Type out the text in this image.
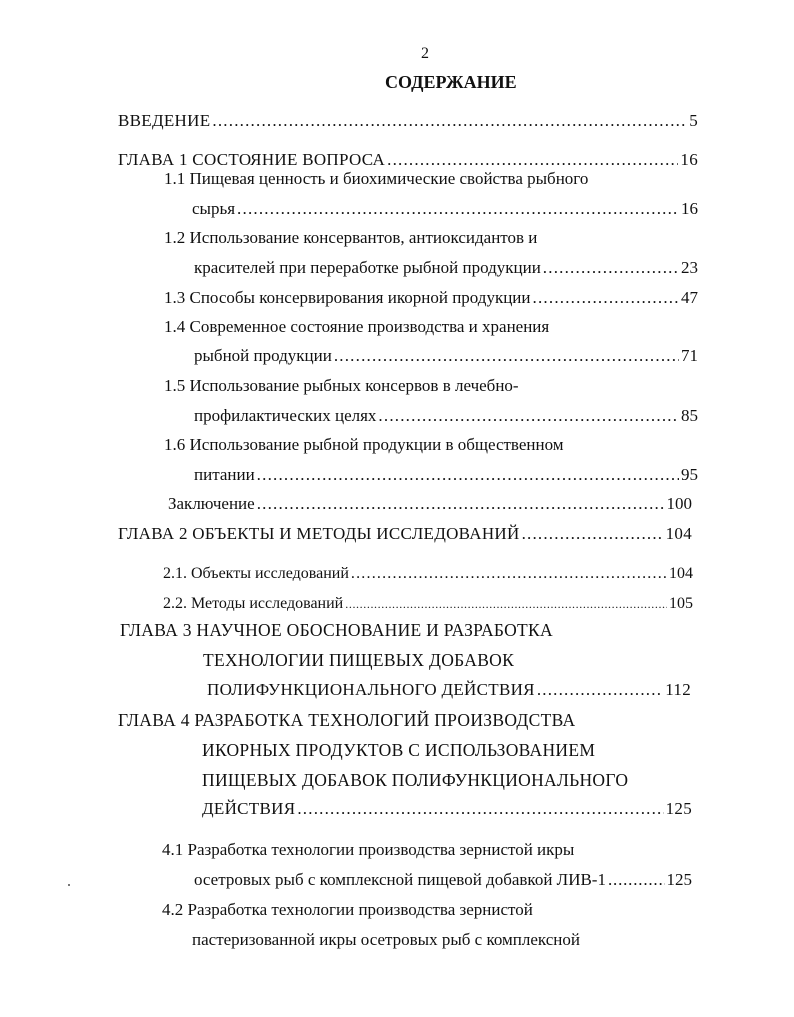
2
СОДЕРЖАНИЕ
ВВЕДЕНИЕ .....	5
ГЛАВА 1 СОСТОЯНИЕ ВОПРОСА .....	16
1.1 Пищевая ценность и биохимические свойства рыбного
сырья .....	16
1.2 Использование консервантов, антиоксидантов и
красителей при переработке рыбной продукции .....	23
1.3 Способы консервирования икорной продукции .....	47
1.4 Современное состояние производства и хранения
рыбной продукции .....	71
1.5 Использование рыбных консервов в лечебно-
профилактических целях .....	85
1.6 Использование рыбной продукции в общественном
питании .....	95
Заключение .....	100
ГЛАВА 2 ОБЪЕКТЫ И МЕТОДЫ ИССЛЕДОВАНИЙ .....	104
2.1. Объекты исследований .....	104
2.2. Методы исследований .....	105
ГЛАВА 3 НАУЧНОЕ ОБОСНОВАНИЕ И РАЗРАБОТКА
ТЕХНОЛОГИИ ПИЩЕВЫХ ДОБАВОК
ПОЛИФУНКЦИОНАЛЬНОГО ДЕЙСТВИЯ .....	112
ГЛАВА 4 РАЗРАБОТКА ТЕХНОЛОГИЙ ПРОИЗВОДСТВА
ИКОРНЫХ ПРОДУКТОВ С ИСПОЛЬЗОВАНИЕМ
ПИЩЕВЫХ ДОБАВОК ПОЛИФУНКЦИОНАЛЬНОГО
ДЕЙСТВИЯ .....	125
4.1 Разработка технологии производства зернистой икры
осетровых рыб с комплексной пищевой добавкой ЛИВ-1 .....	125
4.2 Разработка технологии производства зернистой
пастеризованной икры осетровых рыб с комплексной
